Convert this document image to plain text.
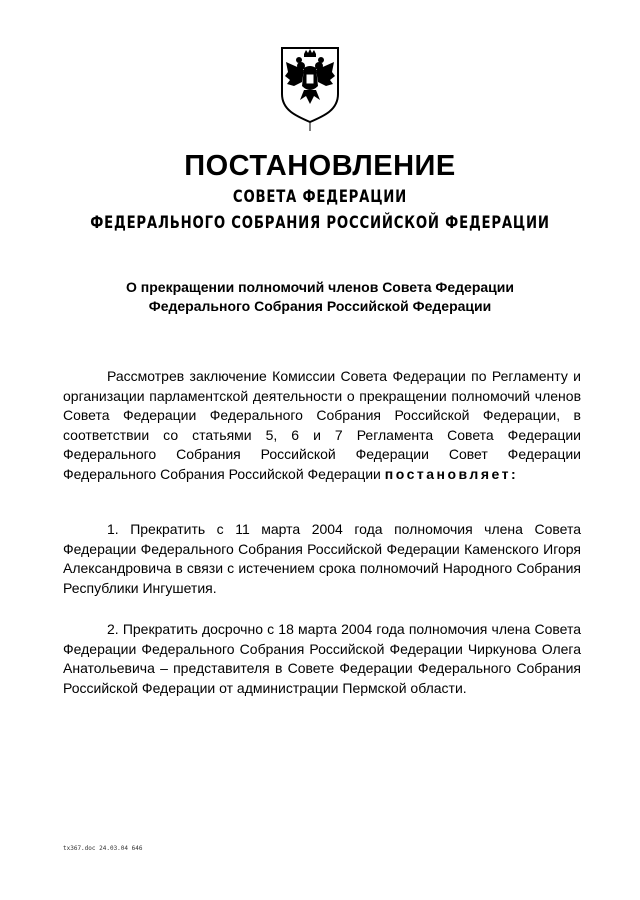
ПОСТАНОВЛЕНИЕ
СОВЕТА ФЕДЕРАЦИИ
ФЕДЕРАЛЬНОГО СОБРАНИЯ РОССИЙСКОЙ ФЕДЕРАЦИИ
О прекращении полномочий членов Совета Федерации
Федерального Собрания Российской Федерации
Рассмотрев заключение Комиссии Совета Федерации по Регламенту и организации парламентской деятельности о прекращении полномочий членов Совета Федерации Федерального Собрания Российской Федерации, в соответствии со статьями 5, 6 и 7 Регламента Совета Федерации Федерального Собрания Российской Федерации Совет Федерации Федерального Собрания Российской Федерации постановляет:
1. Прекратить с 11 марта 2004 года полномочия члена Совета Федерации Федерального Собрания Российской Федерации Каменского Игоря Александровича в связи с истечением срока полномочий Народного Собрания Республики Ингушетия.
2. Прекратить досрочно с 18 марта 2004 года полномочия члена Совета Федерации Федерального Собрания Российской Федерации Чиркунова Олега Анатольевича – представителя в Совете Федерации Федерального Собрания Российской Федерации от администрации Пермской области.
tx367.doc 24.03.04 646
